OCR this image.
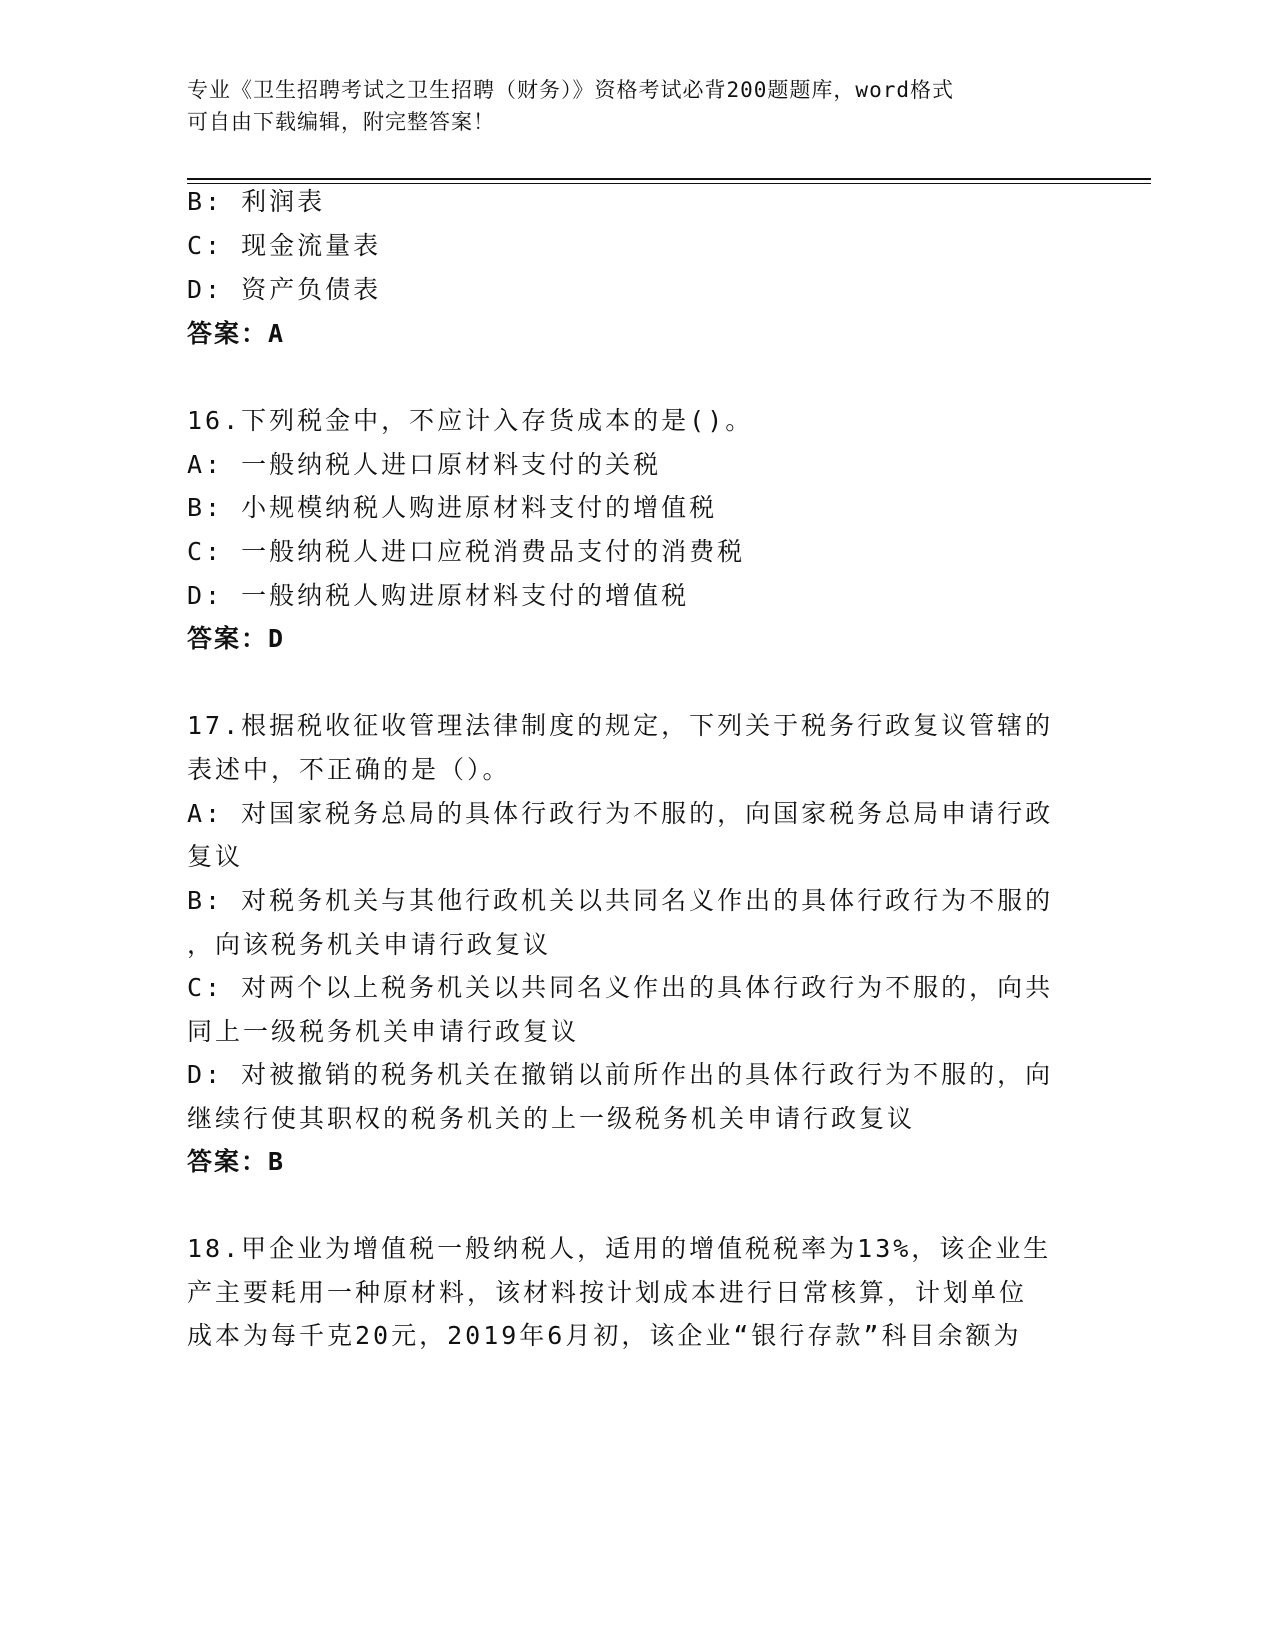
专业《卫生招聘考试之卫生招聘（财务）》资格考试必背200题题库，word格式
可自由下载编辑，附完整答案！
B: 利润表
C: 现金流量表
D: 资产负债表
答案：A
16.下列税金中，不应计入存货成本的是()。
A: 一般纳税人进口原材料支付的关税
B: 小规模纳税人购进原材料支付的增值税
C: 一般纳税人进口应税消费品支付的消费税
D: 一般纳税人购进原材料支付的增值税
答案：D
17.根据税收征收管理法律制度的规定，下列关于税务行政复议管辖的
表述中，不正确的是（）。
A: 对国家税务总局的具体行政行为不服的，向国家税务总局申请行政
复议
B: 对税务机关与其他行政机关以共同名义作出的具体行政行为不服的
，向该税务机关申请行政复议
C: 对两个以上税务机关以共同名义作出的具体行政行为不服的，向共
同上一级税务机关申请行政复议
D: 对被撤销的税务机关在撤销以前所作出的具体行政行为不服的，向
继续行使其职权的税务机关的上一级税务机关申请行政复议
答案：B
18.甲企业为增值税一般纳税人，适用的增值税税率为13%，该企业生
产主要耗用一种原材料，该材料按计划成本进行日常核算，计划单位
成本为每千克20元，2019年6月初，该企业“银行存款”科目余额为
